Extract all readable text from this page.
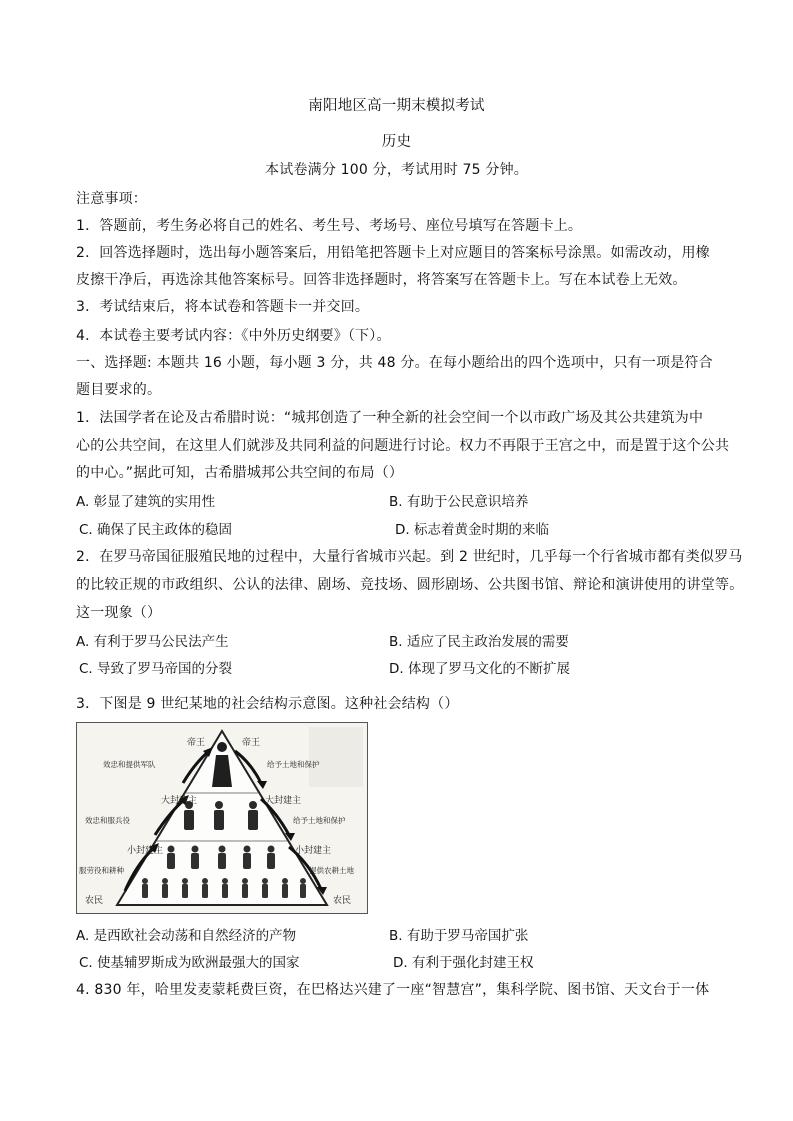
南阳地区高一期末模拟考试
历史
本试卷满分 100 分，考试用时 75 分钟。
注意事项：
1．答题前，考生务必将自己的姓名、考生号、考场号、座位号填写在答题卡上。
2．回答选择题时，选出每小题答案后，用铅笔把答题卡上对应题目的答案标号涂黑。如需改动，用橡
皮擦干净后，再选涂其他答案标号。回答非选择题时，将答案写在答题卡上。写在本试卷上无效。
3．考试结束后，将本试卷和答题卡一并交回。
4．本试卷主要考试内容：《中外历史纲要》（下）。
一、选择题: 本题共 16 小题，每小题 3 分，共 48 分。在每小题给出的四个选项中，只有一项是符合
题目要求的。
1．法国学者在论及古希腊时说：“城邦创造了一种全新的社会空间一个以市政广场及其公共建筑为中
心的公共空间，在这里人们就涉及共同利益的问题进行讨论。权力不再限于王宫之中，而是置于这个公共
的中心。”据此可知，古希腊城邦公共空间的布局（）
A. 彰显了建筑的实用性	B. 有助于公民意识培养
C. 确保了民主政体的稳固	D. 标志着黄金时期的来临
2．在罗马帝国征服殖民地的过程中，大量行省城市兴起。到 2 世纪时，几乎每一个行省城市都有类似罗马
的比较正规的市政组织、公认的法律、剧场、竞技场、圆形剧场、公共图书馆、辩论和演讲使用的讲堂等。
这一现象（）
A. 有利于罗马公民法产生	B. 适应了民主政治发展的需要
C. 导致了罗马帝国的分裂	D. 体现了罗马文化的不断扩展
3．下图是 9 世纪某地的社会结构示意图。这种社会结构（）
帝王	帝王
大封建主	大封建主
小封建主	小封建主
农民	农民
效忠和提供军队
效忠和服兵役
服劳役和耕种
给予土地和保护
给予土地和保护
提供农耕土地
A. 是西欧社会动荡和自然经济的产物	B. 有助于罗马帝国扩张
C. 使基辅罗斯成为欧洲最强大的国家	D. 有利于强化封建王权
4. 830 年，哈里发麦蒙耗费巨资，在巴格达兴建了一座“智慧宫”，集科学院、图书馆、天文台于一体
